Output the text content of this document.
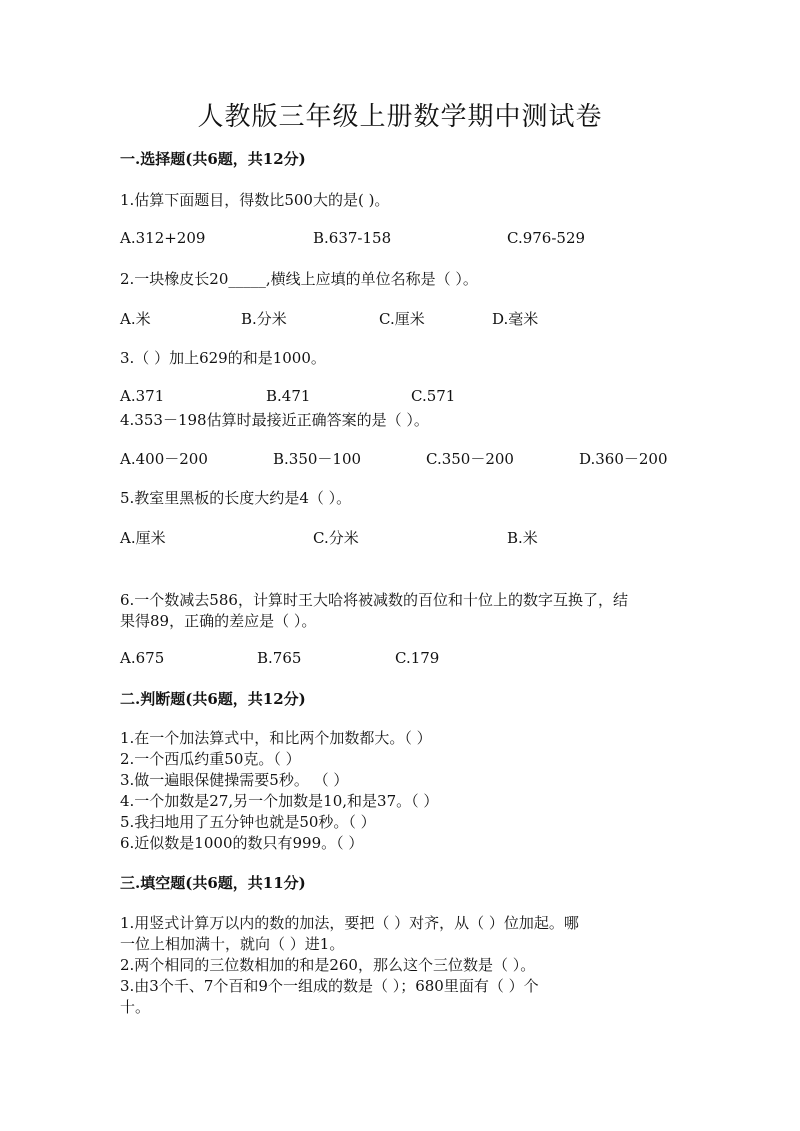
人教版三年级上册数学期中测试卷
一.选择题(共6题，共12分)
1.估算下面题目，得数比500大的是( )。
A.312+209	B.637-158	C.976-529
2.一块橡皮长20_____,横线上应填的单位名称是（ ）。
A.米	B.分米	C.厘米	D.毫米
3.（ ）加上629的和是1000。
A.371	B.471	C.571
4.353－198估算时最接近正确答案的是（ ）。
A.400－200	B.350－100	C.350－200	D.360－200
5.教室里黑板的长度大约是4（ ）。
A.厘米	C.分米	B.米
6.一个数减去586，计算时王大哈将被减数的百位和十位上的数字互换了，结
果得89，正确的差应是（ ）。
A.675	B.765	C.179
二.判断题(共6题，共12分)
1.在一个加法算式中，和比两个加数都大。（ ）
2.一个西瓜约重50克。（ ）
3.做一遍眼保健操需要5秒。 （ ）
4.一个加数是27,另一个加数是10,和是37。（ ）
5.我扫地用了五分钟也就是50秒。（ ）
6.近似数是1000的数只有999。（ ）
三.填空题(共6题，共11分)
1.用竖式计算万以内的数的加法，要把（ ）对齐，从（ ）位加起。哪
一位上相加满十，就向（ ）进1。
2.两个相同的三位数相加的和是260，那么这个三位数是（ ）。
3.由3个千、7个百和9个一组成的数是（ ）；680里面有（ ）个
十。
